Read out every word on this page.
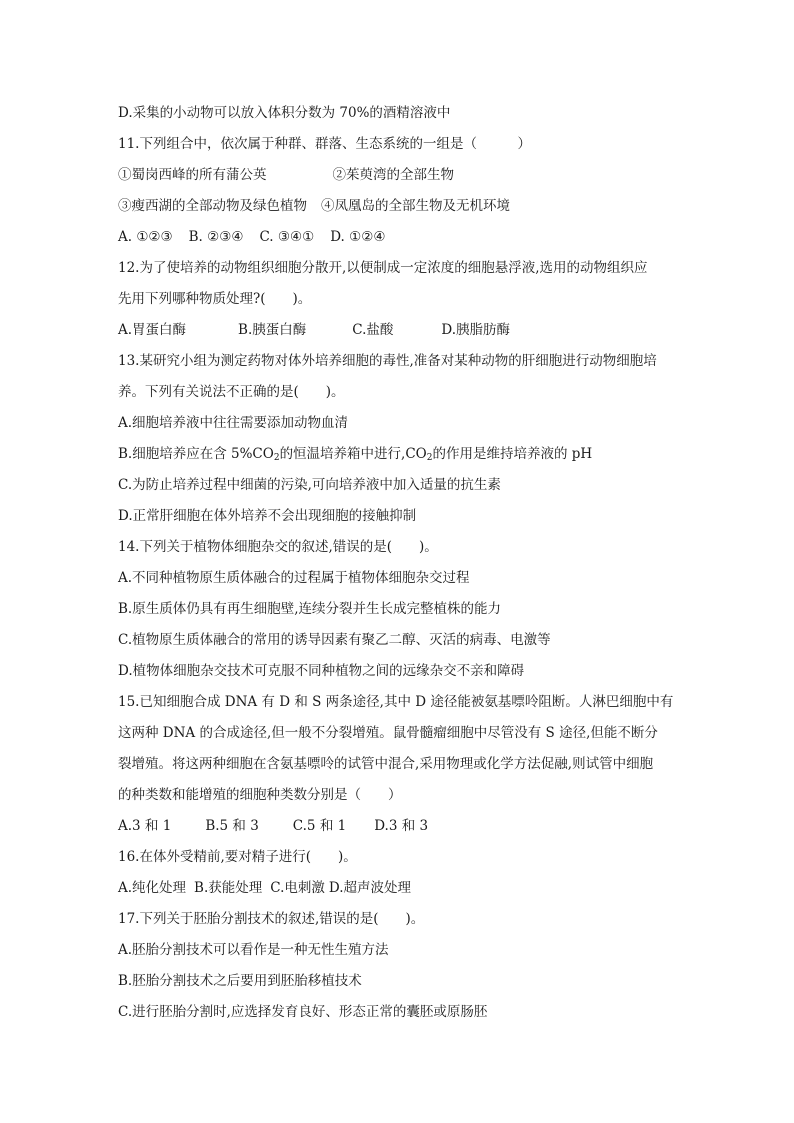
D.采集的小动物可以放入体积分数为 70%的酒精溶液中
11.下列组合中，依次属于种群、群落、生态系统的一组是（　　　）
①蜀岗西峰的所有蒲公英	②茱萸湾的全部生物
③瘦西湖的全部动物及绿色植物 ④凤凰岛的全部生物及无机环境
A. ①②③ B. ②③④ C. ③④① D. ①②④
12.为了使培养的动物组织细胞分散开,以便制成一定浓度的细胞悬浮液,选用的动物组织应
先用下列哪种物质处理?(　　)。
A.胃蛋白酶	B.胰蛋白酶	C.盐酸	D.胰脂肪酶
13.某研究小组为测定药物对体外培养细胞的毒性,准备对某种动物的肝细胞进行动物细胞培
养。下列有关说法不正确的是(　　)。
A.细胞培养液中往往需要添加动物血清
B.细胞培养应在含 $5\%CO_2$的恒温培养箱中进行$,CO_2$的作用是维持培养液的 pH
C.为防止培养过程中细菌的污染,可向培养液中加入适量的抗生素
D.正常肝细胞在体外培养不会出现细胞的接触抑制
14.下列关于植物体细胞杂交的叙述,错误的是(　　)。
A.不同种植物原生质体融合的过程属于植物体细胞杂交过程
B.原生质体仍具有再生细胞壁,连续分裂并生长成完整植株的能力
C.植物原生质体融合的常用的诱导因素有聚乙二醇、灭活的病毒、电激等
D.植物体细胞杂交技术可克服不同种植物之间的远缘杂交不亲和障碍
15.已知细胞合成 DNA 有 D 和 S 两条途径,其中 D 途径能被氨基嘌呤阻断。人淋巴细胞中有
这两种 DNA 的合成途径,但一般不分裂增殖。鼠骨髓瘤细胞中尽管没有 S 途径,但能不断分
裂增殖。将这两种细胞在含氨基嘌呤的试管中混合,采用物理或化学方法促融,则试管中细胞
的种类数和能增殖的细胞种类数分别是（　　）
A.3 和 1	B.5 和 3	C.5 和 1 D.3 和 3
16.在体外受精前,要对精子进行(　　)。
A.纯化处理 B.获能处理 C.电刺激 D.超声波处理
17.下列关于胚胎分割技术的叙述,错误的是(　　)。
A.胚胎分割技术可以看作是一种无性生殖方法
B.胚胎分割技术之后要用到胚胎移植技术
C.进行胚胎分割时,应选择发育良好、形态正常的囊胚或原肠胚
